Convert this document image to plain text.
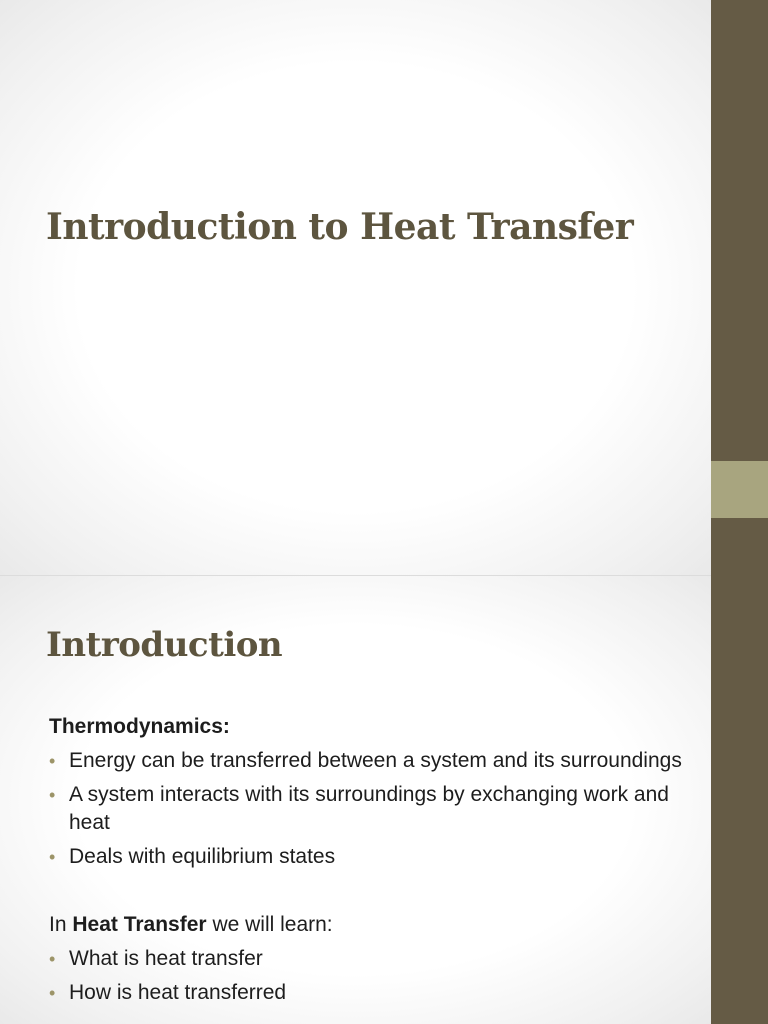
Introduction to Heat Transfer
Introduction

Thermodynamics:

• Energy can be transferred between a system and its surroundings
• A system interacts with its surroundings by exchanging work and heat
• Deals with equilibrium states

In Heat Transfer we will learn:

• What is heat transfer
• How is heat transferred
